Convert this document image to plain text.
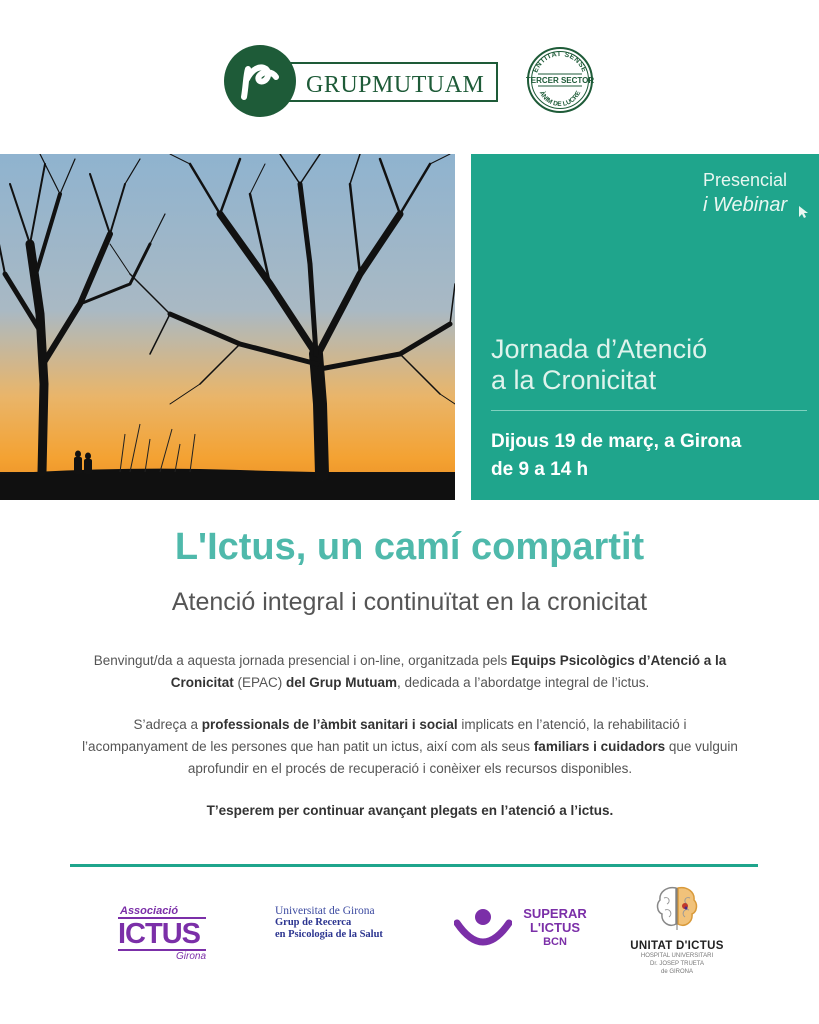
GRUPMUTUAM
ENTITAT SENSE
TERCER SECTOR
ÀNIM DE LUCRE
Presencial
i Webinar
Jornada d’Atenció
a la Cronicitat
Dijous 19 de març, a Girona
de 9 a 14 h
L'Ictus, un camí compartit
Atenció integral i continuïtat en la cronicitat

Benvingut/da a aquesta jornada presencial i on-line, organitzada pels Equips Psicològics d’Atenció a la Cronicitat (EPAC) del Grup Mutuam, dedicada a l’abordatge integral de l’ictus.

S’adreça a professionals de l’àmbit sanitari i social implicats en l’atenció, la rehabilitació i l’acompanyament de les persones que han patit un ictus, així com als seus familiars i cuidadors que vulguin aprofundir en el procés de recuperació i conèixer els recursos disponibles.

T’esperem per continuar avançant plegats en l’atenció a l’ictus.

Associació
ICTUS
Girona
Universitat de Girona
Grup de Recerca
en Psicologia de la Salut
SUPERAR
L'ICTUS
BCN	UNITAT D'ICTUS
HOSPITAL UNIVERSITARI
Dr. JOSEP TRUETA
de GIRONA
